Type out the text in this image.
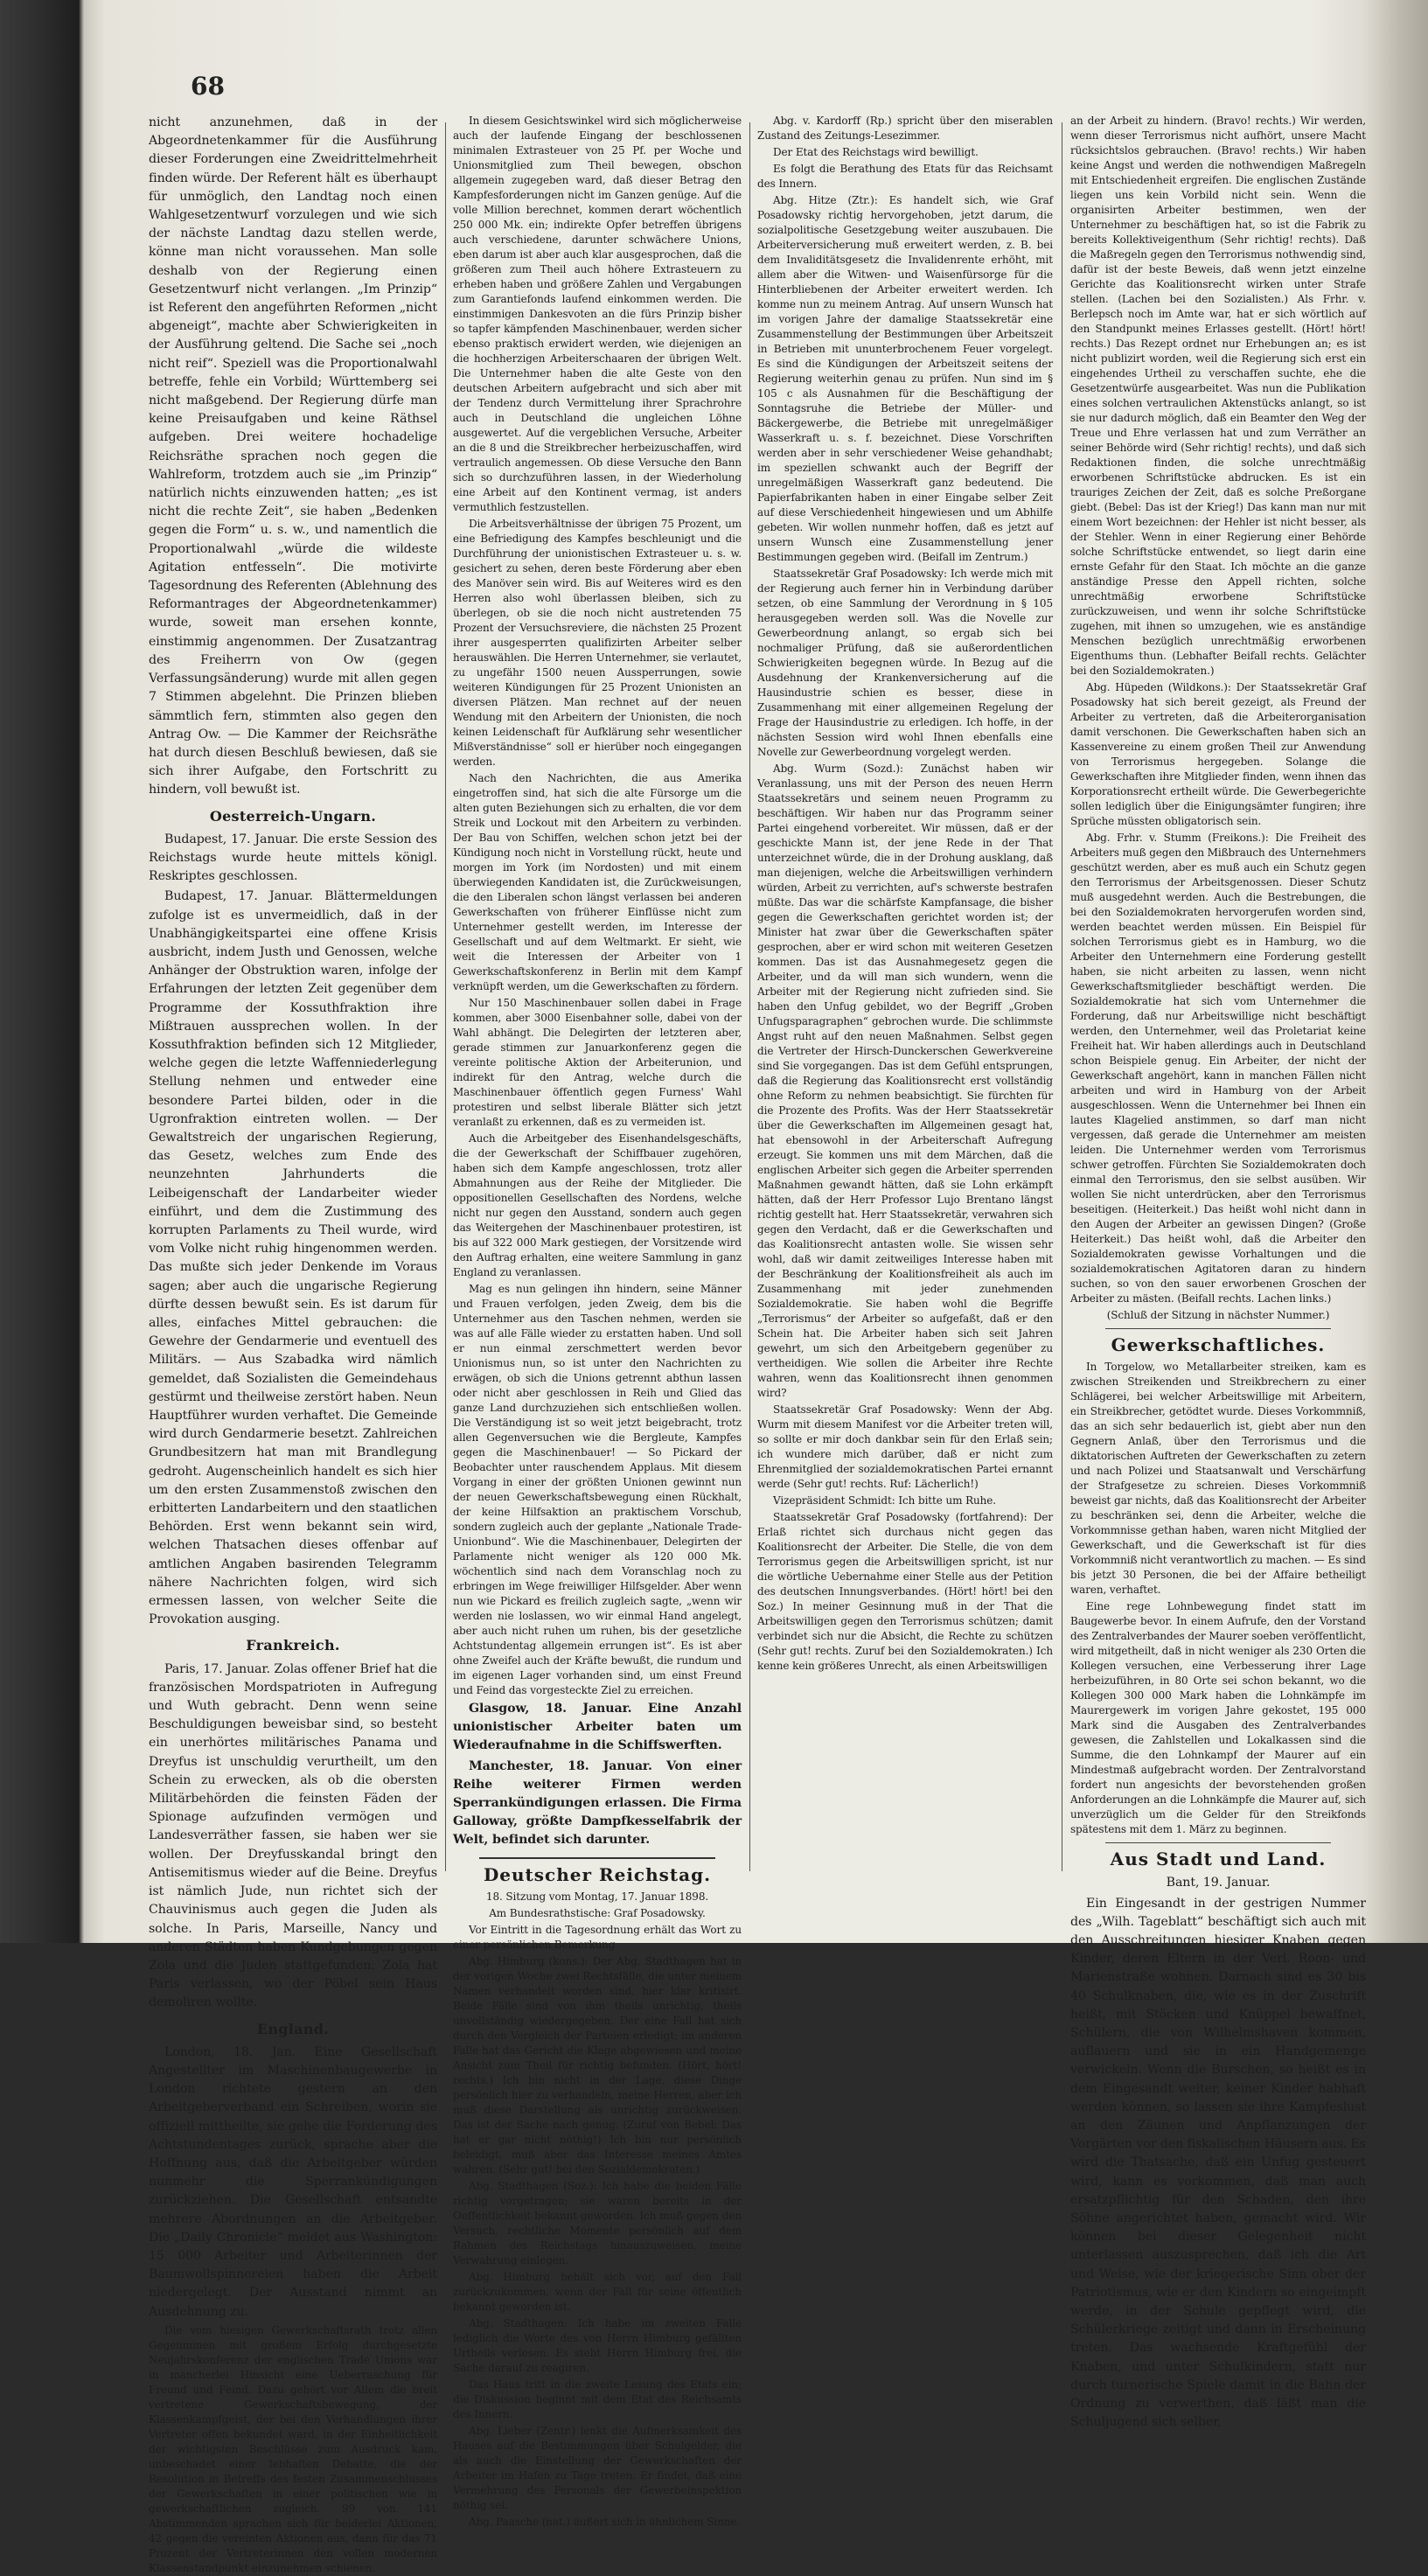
68

nicht anzunehmen, daß in der Abgeordnetenkammer für die Ausführung dieser Forderungen eine Zweidrittelmehrheit finden würde. Der Referent hält es überhaupt für unmöglich, den Landtag noch einen Wahlgesetzentwurf vorzulegen und wie sich der nächste Landtag dazu stellen werde, könne man nicht voraussehen. Man solle deshalb von der Regierung einen Gesetzentwurf nicht verlangen. „Im Prinzip“ ist Referent den angeführten Reformen „nicht abgeneigt“, machte aber Schwierigkeiten in der Ausführung geltend. Die Sache sei „noch nicht reif“. Speziell was die Proportionalwahl betreffe, fehle ein Vorbild; Württemberg sei nicht maßgebend. Der Regierung dürfe man keine Preisaufgaben und keine Räthsel aufgeben. Drei weitere hochadelige Reichsräthe sprachen noch gegen die Wahlreform, trotzdem auch sie „im Prinzip“ natürlich nichts einzuwenden hatten; „es ist nicht die rechte Zeit“, sie haben „Bedenken gegen die Form“ u. s. w., und namentlich die Proportionalwahl „würde die wildeste Agitation entfesseln“. Die motivirte Tagesordnung des Referenten (Ablehnung des Reformantrages der Abgeordnetenkammer) wurde, soweit man ersehen konnte, einstimmig angenommen. Der Zusatzantrag des Freiherrn von Ow (gegen Verfassungsänderung) wurde mit allen gegen 7 Stimmen abgelehnt. Die Prinzen blieben sämmtlich fern, stimmten also gegen den Antrag Ow. — Die Kammer der Reichsräthe hat durch diesen Beschluß bewiesen, daß sie sich ihrer Aufgabe, den Fortschritt zu hindern, voll bewußt ist.

Oesterreich-Ungarn.

Budapest, 17. Januar. Die erste Session des Reichstags wurde heute mittels königl. Reskriptes geschlossen.

Budapest, 17. Januar. Blättermeldungen zufolge ist es unvermeidlich, daß in der Unabhängigkeitspartei eine offene Krisis ausbricht, indem Justh und Genossen, welche Anhänger der Obstruktion waren, infolge der Erfahrungen der letzten Zeit gegenüber dem Programme der Kossuthfraktion ihre Mißtrauen aussprechen wollen. In der Kossuthfraktion befinden sich 12 Mitglieder, welche gegen die letzte Waffenniederlegung Stellung nehmen und entweder eine besondere Partei bilden, oder in die Ugronfraktion eintreten wollen. — Der Gewaltstreich der ungarischen Regierung, das Gesetz, welches zum Ende des neunzehnten Jahrhunderts die Leibeigenschaft der Landarbeiter wieder einführt, und dem die Zustimmung des korrupten Parlaments zu Theil wurde, wird vom Volke nicht ruhig hingenommen werden. Das mußte sich jeder Denkende im Voraus sagen; aber auch die ungarische Regierung dürfte dessen bewußt sein. Es ist darum für alles, einfaches Mittel gebrauchen: die Gewehre der Gendarmerie und eventuell des Militärs. — Aus Szabadka wird nämlich gemeldet, daß Sozialisten die Gemeindehaus gestürmt und theilweise zerstört haben. Neun Hauptführer wurden verhaftet. Die Gemeinde wird durch Gendarmerie besetzt. Zahlreichen Grundbesitzern hat man mit Brandlegung gedroht. Augenscheinlich handelt es sich hier um den ersten Zusammenstoß zwischen den erbitterten Landarbeitern und den staatlichen Behörden. Erst wenn bekannt sein wird, welchen Thatsachen dieses offenbar auf amtlichen Angaben basirenden Telegramm nähere Nachrichten folgen, wird sich ermessen lassen, von welcher Seite die Provokation ausging.

Frankreich.

Paris, 17. Januar. Zolas offener Brief hat die französischen Mordspatrioten in Aufregung und Wuth gebracht. Denn wenn seine Beschuldigungen beweisbar sind, so besteht ein unerhörtes militärisches Panama und Dreyfus ist unschuldig verurtheilt, um den Schein zu erwecken, als ob die obersten Militärbehörden die feinsten Fäden der Spionage aufzufinden vermögen und Landesverräther fassen, sie haben wer sie wollen. Der Dreyfusskandal bringt den Antisemitismus wieder auf die Beine. Dreyfus ist nämlich Jude, nun richtet sich der Chauvinismus auch gegen die Juden als solche. In Paris, Marseille, Nancy und anderen Städten haben Kundgebungen gegen Zola und die Juden stattgefunden. Zola hat Paris verlassen, wo der Pöbel sein Haus demoliren wollte.

England.

London, 18. Jan. Eine Gesellschaft Angestellter im Maschinenbaugewerbe in London richtete gestern an den Arbeitgeberverband ein Schreiben, worin sie offiziell mittheilte, sie gebe die Forderung des Achtstundentages zurück, sprache aber die Hoffnung aus, daß die Arbeitgeber würden nunmehr die Sperrankündigungen zurückziehen. Die Gesellschaft entsandte mehrere Abordnungen an die Arbeitgeber. Die „Daily Chronicle“ meldet aus Washington: 15 000 Arbeiter und Arbeiterinnen der Baumwollspinnereien haben die Arbeit niedergelegt. Der Ausstand nimmt an Ausdehnung zu.

Die vom hiesigen Gewerkschaftsrath trotz allen Gegenminen mit großem Erfolg durchgesetzte Neujahrskonferenz der englischen Trade Unions war in mancherlei Hinsicht eine Ueberraschung für Freund und Feind. Dazu gehört vor Allem die breit vertretene Gewerkschaftsbewegung, der Klassenkampfgeist, der bei den Verhandlungen ihrer Vertreter offen bekundet ward, in der Einheitlichkeit der wichtigsten Beschlüsse zum Ausdruck kam, unbeschadet einer lebhaften Debatte, die der Resolution in Betreffs des festen Zusammenschlusses der Gewerkschaften in einer politischen wie in gewerkschaftlichen zugleich. 99 von 141 Abstimmenden sprachen sich für beiderlei Aktionen, 42 gegen die vereinten Aktionen aus, dann für das 71 Prozent der Vertreterinnen den vollen modernen Klassenstandpunkt einzunehmen schienen.

In diesem Gesichtswinkel wird sich möglicherweise auch der laufende Eingang der beschlossenen minimalen Extrasteuer von 25 Pf. per Woche und Unionsmitglied zum Theil bewegen, obschon allgemein zugegeben ward, daß dieser Betrag den Kampfesforderungen nicht im Ganzen genüge. Auf die volle Million berechnet, kommen derart wöchentlich 250 000 Mk. ein; indirekte Opfer betreffen übrigens auch verschiedene, darunter schwächere Unions, eben darum ist aber auch klar ausgesprochen, daß die größeren zum Theil auch höhere Extrasteuern zu erheben haben und größere Zahlen und Vergabungen zum Garantiefonds laufend einkommen werden. Die einstimmigen Dankesvoten an die fürs Prinzip bisher so tapfer kämpfenden Maschinenbauer, werden sicher ebenso praktisch erwidert werden, wie diejenigen an die hochherzigen Arbeiterschaaren der übrigen Welt. Die Unternehmer haben die alte Geste von den deutschen Arbeitern aufgebracht und sich aber mit der Tendenz durch Vermittelung ihrer Sprachrohre auch in Deutschland die ungleichen Löhne ausgewertet. Auf die vergeblichen Versuche, Arbeiter an die 8 und die Streikbrecher herbeizuschaffen, wird vertraulich angemessen. Ob diese Versuche den Bann sich so durchzuführen lassen, in der Wiederholung eine Arbeit auf den Kontinent vermag, ist anders vermuthlich festzustellen.

Die Arbeitsverhältnisse der übrigen 75 Prozent, um eine Befriedigung des Kampfes beschleunigt und die Durchführung der unionistischen Extrasteuer u. s. w. gesichert zu sehen, deren beste Förderung aber eben des Manöver sein wird. Bis auf Weiteres wird es den Herren also wohl überlassen bleiben, sich zu überlegen, ob sie die noch nicht austretenden 75 Prozent der Versuchsreviere, die nächsten 25 Prozent ihrer ausgesperrten qualifizirten Arbeiter selber herauswählen. Die Herren Unternehmer, sie verlautet, zu ungefähr 1500 neuen Aussperrungen, sowie weiteren Kündigungen für 25 Prozent Unionisten an diversen Plätzen. Man rechnet auf der neuen Wendung mit den Arbeitern der Unionisten, die noch keinen Leidenschaft für Aufklärung sehr wesentlicher Mißverständnisse“ soll er hierüber noch eingegangen werden.

Nach den Nachrichten, die aus Amerika eingetroffen sind, hat sich die alte Fürsorge um die alten guten Beziehungen sich zu erhalten, die vor dem Streik und Lockout mit den Arbeitern zu verbinden. Der Bau von Schiffen, welchen schon jetzt bei der Kündigung noch nicht in Vorstellung rückt, heute und morgen im York (im Nordosten) und mit einem überwiegenden Kandidaten ist, die Zurückweisungen, die den Liberalen schon längst verlassen bei anderen Gewerkschaften von früherer Einflüsse nicht zum Unternehmer gestellt werden, im Interesse der Gesellschaft und auf dem Weltmarkt. Er sieht, wie weit die Interessen der Arbeiter von 1 Gewerkschaftskonferenz in Berlin mit dem Kampf verknüpft werden, um die Gewerkschaften zu fördern.

Nur 150 Maschinenbauer sollen dabei in Frage kommen, aber 3000 Eisenbahner solle, dabei von der Wahl abhängt. Die Delegirten der letzteren aber, gerade stimmen zur Januarkonferenz gegen die vereinte politische Aktion der Arbeiterunion, und indirekt für den Antrag, welche durch die Maschinenbauer öffentlich gegen Furness' Wahl protestiren und selbst liberale Blätter sich jetzt veranlaßt zu erkennen, daß es zu vermeiden ist.

Auch die Arbeitgeber des Eisenhandelsgeschäfts, die der Gewerkschaft der Schiffbauer zugehören, haben sich dem Kampfe angeschlossen, trotz aller Abmahnungen aus der Reihe der Mitglieder. Die oppositionellen Gesellschaften des Nordens, welche nicht nur gegen den Ausstand, sondern auch gegen das Weitergehen der Maschinenbauer protestiren, ist bis auf 322 000 Mark gestiegen, der Vorsitzende wird den Auftrag erhalten, eine weitere Sammlung in ganz England zu veranlassen.

Mag es nun gelingen ihn hindern, seine Männer und Frauen verfolgen, jeden Zweig, dem bis die Unternehmer aus den Taschen nehmen, werden sie was auf alle Fälle wieder zu erstatten haben. Und soll er nun einmal zerschmettert werden bevor Unionismus nun, so ist unter den Nachrichten zu erwägen, ob sich die Unions getrennt abthun lassen oder nicht aber geschlossen in Reih und Glied das ganze Land durchzuziehen sich entschließen wollen. Die Verständigung ist so weit jetzt beigebracht, trotz allen Gegenversuchen wie die Bergleute, Kampfes gegen die Maschinenbauer! — So Pickard der Beobachter unter rauschendem Applaus. Mit diesem Vorgang in einer der größten Unionen gewinnt nun der neuen Gewerkschaftsbewegung einen Rückhalt, der keine Hilfsaktion an praktischem Vorschub, sondern zugleich auch der geplante „Nationale Trade-Unionbund“. Wie die Maschinenbauer, Delegirten der Parlamente nicht weniger als 120 000 Mk. wöchentlich sind nach dem Voranschlag noch zu erbringen im Wege freiwilliger Hilfsgelder. Aber wenn nun wie Pickard es freilich zugleich sagte, „wenn wir werden nie loslassen, wo wir einmal Hand angelegt, aber auch nicht ruhen um ruhen, bis der gesetzliche Achtstundentag allgemein errungen ist“. Es ist aber ohne Zweifel auch der Kräfte bewußt, die rundum und im eigenen Lager vorhanden sind, um einst Freund und Feind das vorgesteckte Ziel zu erreichen.

Glasgow, 18. Januar. Eine Anzahl unionistischer Arbeiter baten um Wiederaufnahme in die Schiffswerften.

Manchester, 18. Januar. Von einer Reihe weiterer Firmen werden Sperrankündigungen erlassen. Die Firma Galloway, größte Dampfkesselfabrik der Welt, befindet sich darunter.

Deutscher Reichstag.

18. Sitzung vom Montag, 17. Januar 1898.

Am Bundesrathstische: Graf Posadowsky.

Vor Eintritt in die Tagesordnung erhält das Wort zu einer persönlichen Bemerkung

Abg. Himburg (kons.): Der Abg. Stadthagen hat in der vorigen Woche zwei Rechtsfälle, die unter meinem Namen verhandelt worden sind, hier klar kritisirt. Beide Fälle sind von ihm theils unrichtig, theils unvollständig wiedergegeben. Der eine Fall hat sich durch den Vergleich der Parteien erledigt; im anderen Falle hat das Gericht die Klage abgewiesen und meine Ansicht zum Theil für richtig befunden. (Hört, hört! rechts.) Ich bin nicht in der Lage, diese Dinge persönlich hier zu verhandeln, meine Herren, aber ich muß diese Darstellung als unrichtig zurückweisen. Das ist der Sache nach genug. (Zuruf von Bebel: Das hat er gar nicht nöthig!) Ich bin nur persönlich beleidigt, muß aber das Interesse meines Amtes wahren. (Sehr gut! bei den Sozialdemokraten.)

Abg. Stadthagen (Soz.): Ich habe die beiden Fälle richtig vorgetragen; sie waren bereits in der Oeffentlichkeit bekannt geworden. Ich muß gegen den Versuch, rechtliche Momente persönlich auf dem Rahmen des Reichstags hinauszuweisen, meine Verwahrung einlegen.

Abg. Himburg behält sich vor, auf den Fall zurückzukommen, wenn der Fall für seine öffentlich bekannt geworden ist.

Abg. Stadthagen: Ich habe im zweiten Falle lediglich die Worte des von Herrn Himburg gefällten Urtheils verlesen. Es steht Herrn Himburg frei, die Sache darauf zu reagiren.

Das Haus tritt in die zweite Lesung des Etats ein; die Diskussion beginnt mit dem Etat des Reichsamts des Innern.

Abg. Lieber (Zentr.) lenkt die Aufmerksamkeit des Hauses auf die Bestimmungen über Schulgelder, die als auch die Einstellung der Gewerkschaften der Arbeiter im Hafen zu Tage treten. Er findet, daß eine Vermehrung des Personals der Gewerbeinspektion nöthig sei.

Abg. Paasche (nat.) äußert sich in ähnlichem Sinne.

Abg. v. Kardorff (Rp.) spricht über den miserablen Zustand des Zeitungs-Lesezimmer.

Der Etat des Reichstags wird bewilligt.

Es folgt die Berathung des Etats für das Reichsamt des Innern.

Abg. Hitze (Ztr.): Es handelt sich, wie Graf Posadowsky richtig hervorgehoben, jetzt darum, die sozialpolitische Gesetzgebung weiter auszubauen. Die Arbeiterversicherung muß erweitert werden, z. B. bei dem Invaliditätsgesetz die Invalidenrente erhöht, mit allem aber die Witwen- und Waisenfürsorge für die Hinterbliebenen der Arbeiter erweitert werden. Ich komme nun zu meinem Antrag. Auf unsern Wunsch hat im vorigen Jahre der damalige Staatssekretär eine Zusammenstellung der Bestimmungen über Arbeitszeit in Betrieben mit ununterbrochenem Feuer vorgelegt. Es sind die Kündigungen der Arbeitszeit seitens der Regierung weiterhin genau zu prüfen. Nun sind im § 105 c als Ausnahmen für die Beschäftigung der Sonntagsruhe die Betriebe der Müller- und Bäckergewerbe, die Betriebe mit unregelmäßiger Wasserkraft u. s. f. bezeichnet. Diese Vorschriften werden aber in sehr verschiedener Weise gehandhabt; im speziellen schwankt auch der Begriff der unregelmäßigen Wasserkraft ganz bedeutend. Die Papierfabrikanten haben in einer Eingabe selber Zeit auf diese Verschiedenheit hingewiesen und um Abhilfe gebeten. Wir wollen nunmehr hoffen, daß es jetzt auf unsern Wunsch eine Zusammenstellung jener Bestimmungen gegeben wird. (Beifall im Zentrum.)

Staatssekretär Graf Posadowsky: Ich werde mich mit der Regierung auch ferner hin in Verbindung darüber setzen, ob eine Sammlung der Verordnung in § 105 herausgegeben werden soll. Was die Novelle zur Gewerbeordnung anlangt, so ergab sich bei nochmaliger Prüfung, daß sie außerordentlichen Schwierigkeiten begegnen würde. In Bezug auf die Ausdehnung der Krankenversicherung auf die Hausindustrie schien es besser, diese in Zusammenhang mit einer allgemeinen Regelung der Frage der Hausindustrie zu erledigen. Ich hoffe, in der nächsten Session wird wohl Ihnen ebenfalls eine Novelle zur Gewerbeordnung vorgelegt werden.

Abg. Wurm (Sozd.): Zunächst haben wir Veranlassung, uns mit der Person des neuen Herrn Staatssekretärs und seinem neuen Programm zu beschäftigen. Wir haben nur das Programm seiner Partei eingehend vorbereitet. Wir müssen, daß er der geschickte Mann ist, der jene Rede in der That unterzeichnet würde, die in der Drohung ausklang, daß man diejenigen, welche die Arbeitswilligen verhindern würden, Arbeit zu verrichten, auf's schwerste bestrafen müßte. Das war die schärfste Kampfansage, die bisher gegen die Gewerkschaften gerichtet worden ist; der Minister hat zwar über die Gewerkschaften später gesprochen, aber er wird schon mit weiteren Gesetzen kommen. Das ist das Ausnahmegesetz gegen die Arbeiter, und da will man sich wundern, wenn die Arbeiter mit der Regierung nicht zufrieden sind. Sie haben den Unfug gebildet, wo der Begriff „Groben Unfugsparagraphen“ gebrochen wurde. Die schlimmste Angst ruht auf den neuen Maßnahmen. Selbst gegen die Vertreter der Hirsch-Dunckerschen Gewerkvereine sind Sie vorgegangen. Das ist dem Gefühl entsprungen, daß die Regierung das Koalitionsrecht erst vollständig ohne Reform zu nehmen beabsichtigt. Sie fürchten für die Prozente des Profits. Was der Herr Staatssekretär über die Gewerkschaften im Allgemeinen gesagt hat, hat ebensowohl in der Arbeiterschaft Aufregung erzeugt. Sie kommen uns mit dem Märchen, daß die englischen Arbeiter sich gegen die Arbeiter sperrenden Maßnahmen gewandt hätten, daß sie Lohn erkämpft hätten, daß der Herr Professor Lujo Brentano längst richtig gestellt hat. Herr Staatssekretär, verwahren sich gegen den Verdacht, daß er die Gewerkschaften und das Koalitionsrecht antasten wolle. Sie wissen sehr wohl, daß wir damit zeitweiliges Interesse haben mit der Beschränkung der Koalitionsfreiheit als auch im Zusammenhang mit jeder zunehmenden Sozialdemokratie. Sie haben wohl die Begriffe „Terrorismus“ der Arbeiter so aufgefaßt, daß er den Schein hat. Die Arbeiter haben sich seit Jahren gewehrt, um sich den Arbeitgebern gegenüber zu vertheidigen. Wie sollen die Arbeiter ihre Rechte wahren, wenn das Koalitionsrecht ihnen genommen wird?

Staatssekretär Graf Posadowsky: Wenn der Abg. Wurm mit diesem Manifest vor die Arbeiter treten will, so sollte er mir doch dankbar sein für den Erlaß sein; ich wundere mich darüber, daß er nicht zum Ehrenmitglied der sozialdemokratischen Partei ernannt werde (Sehr gut! rechts. Ruf: Lächerlich!)

Vizepräsident Schmidt: Ich bitte um Ruhe.

Staatssekretär Graf Posadowsky (fortfahrend): Der Erlaß richtet sich durchaus nicht gegen das Koalitionsrecht der Arbeiter. Die Stelle, die von dem Terrorismus gegen die Arbeitswilligen spricht, ist nur die wörtliche Uebernahme einer Stelle aus der Petition des deutschen Innungsverbandes. (Hört! hört! bei den Soz.) In meiner Gesinnung muß in der That die Arbeitswilligen gegen den Terrorismus schützen; damit verbindet sich nur die Absicht, die Rechte zu schützen (Sehr gut! rechts. Zuruf bei den Sozialdemokraten.) Ich kenne kein größeres Unrecht, als einen Arbeitswilligen

an der Arbeit zu hindern. (Bravo! rechts.) Wir werden, wenn dieser Terrorismus nicht aufhört, unsere Macht rücksichtslos gebrauchen. (Bravo! rechts.) Wir haben keine Angst und werden die nothwendigen Maßregeln mit Entschiedenheit ergreifen. Die englischen Zustände liegen uns kein Vorbild nicht sein. Wenn die organisirten Arbeiter bestimmen, wen der Unternehmer zu beschäftigen hat, so ist die Fabrik zu bereits Kollektiveigenthum (Sehr richtig! rechts). Daß die Maßregeln gegen den Terrorismus nothwendig sind, dafür ist der beste Beweis, daß wenn jetzt einzelne Gerichte das Koalitionsrecht wirken unter Strafe stellen. (Lachen bei den Sozialisten.) Als Frhr. v. Berlepsch noch im Amte war, hat er sich wörtlich auf den Standpunkt meines Erlasses gestellt. (Hört! hört! rechts.) Das Rezept ordnet nur Erhebungen an; es ist nicht publizirt worden, weil die Regierung sich erst ein eingehendes Urtheil zu verschaffen suchte, ehe die Gesetzentwürfe ausgearbeitet. Was nun die Publikation eines solchen vertraulichen Aktenstücks anlangt, so ist sie nur dadurch möglich, daß ein Beamter den Weg der Treue und Ehre verlassen hat und zum Verräther an seiner Behörde wird (Sehr richtig! rechts), und daß sich Redaktionen finden, die solche unrechtmäßig erworbenen Schriftstücke abdrucken. Es ist ein trauriges Zeichen der Zeit, daß es solche Preßorgane giebt. (Bebel: Das ist der Krieg!) Das kann man nur mit einem Wort bezeichnen: der Hehler ist nicht besser, als der Stehler. Wenn in einer Regierung einer Behörde solche Schriftstücke entwendet, so liegt darin eine ernste Gefahr für den Staat. Ich möchte an die ganze anständige Presse den Appell richten, solche unrechtmäßig erworbene Schriftstücke zurückzuweisen, und wenn ihr solche Schriftstücke zugehen, mit ihnen so umzugehen, wie es anständige Menschen bezüglich unrechtmäßig erworbenen Eigenthums thun. (Lebhafter Beifall rechts. Gelächter bei den Sozialdemokraten.)

Abg. Hüpeden (Wildkons.): Der Staatssekretär Graf Posadowsky hat sich bereit gezeigt, als Freund der Arbeiter zu vertreten, daß die Arbeiterorganisation damit verschonen. Die Gewerkschaften haben sich an Kassenvereine zu einem großen Theil zur Anwendung von Terrorismus hergegeben. Solange die Gewerkschaften ihre Mitglieder finden, wenn ihnen das Korporationsrecht ertheilt würde. Die Gewerbegerichte sollen lediglich über die Einigungsämter fungiren; ihre Sprüche müssten obligatorisch sein.

Abg. Frhr. v. Stumm (Freikons.): Die Freiheit des Arbeiters muß gegen den Mißbrauch des Unternehmers geschützt werden, aber es muß auch ein Schutz gegen den Terrorismus der Arbeitsgenossen. Dieser Schutz muß ausgedehnt werden. Auch die Bestrebungen, die bei den Sozialdemokraten hervorgerufen worden sind, werden beachtet werden müssen. Ein Beispiel für solchen Terrorismus giebt es in Hamburg, wo die Arbeiter den Unternehmern eine Forderung gestellt haben, sie nicht arbeiten zu lassen, wenn nicht Gewerkschaftsmitglieder beschäftigt werden. Die Sozialdemokratie hat sich vom Unternehmer die Forderung, daß nur Arbeitswillige nicht beschäftigt werden, den Unternehmer, weil das Proletariat keine Freiheit hat. Wir haben allerdings auch in Deutschland schon Beispiele genug. Ein Arbeiter, der nicht der Gewerkschaft angehört, kann in manchen Fällen nicht arbeiten und wird in Hamburg von der Arbeit ausgeschlossen. Wenn die Unternehmer bei Ihnen ein lautes Klagelied anstimmen, so darf man nicht vergessen, daß gerade die Unternehmer am meisten leiden. Die Unternehmer werden vom Terrorismus schwer getroffen. Fürchten Sie Sozialdemokraten doch einmal den Terrorismus, den sie selbst ausüben. Wir wollen Sie nicht unterdrücken, aber den Terrorismus beseitigen. (Heiterkeit.) Das heißt wohl nicht dann in den Augen der Arbeiter an gewissen Dingen? (Große Heiterkeit.) Das heißt wohl, daß die Arbeiter den Sozialdemokraten gewisse Vorhaltungen und die sozialdemokratischen Agitatoren daran zu hindern suchen, so von den sauer erworbenen Groschen der Arbeiter zu mästen. (Beifall rechts. Lachen links.)

(Schluß der Sitzung in nächster Nummer.)

Gewerkschaftliches.

In Torgelow, wo Metallarbeiter streiken, kam es zwischen Streikenden und Streikbrechern zu einer Schlägerei, bei welcher Arbeitswillige mit Arbeitern, ein Streikbrecher, getödtet wurde. Dieses Vorkommniß, das an sich sehr bedauerlich ist, giebt aber nun den Gegnern Anlaß, über den Terrorismus und die diktatorischen Auftreten der Gewerkschaften zu zetern und nach Polizei und Staatsanwalt und Verschärfung der Strafgesetze zu schreien. Dieses Vorkommniß beweist gar nichts, daß das Koalitionsrecht der Arbeiter zu beschränken sei, denn die Arbeiter, welche die Vorkommnisse gethan haben, waren nicht Mitglied der Gewerkschaft, und die Gewerkschaft ist für dies Vorkommniß nicht verantwortlich zu machen. — Es sind bis jetzt 30 Personen, die bei der Affaire betheiligt waren, verhaftet.

Eine rege Lohnbewegung findet statt im Baugewerbe bevor. In einem Aufrufe, den der Vorstand des Zentralverbandes der Maurer soeben veröffentlicht, wird mitgetheilt, daß in nicht weniger als 230 Orten die Kollegen versuchen, eine Verbesserung ihrer Lage herbeizuführen, in 80 Orte sei schon bekannt, wo die Kollegen 300 000 Mark haben die Lohnkämpfe im Maurergewerk im vorigen Jahre gekostet, 195 000 Mark sind die Ausgaben des Zentralverbandes gewesen, die Zahlstellen und Lokalkassen sind die Summe, die den Lohnkampf der Maurer auf ein Mindestmaß aufgebracht worden. Der Zentralvorstand fordert nun angesichts der bevorstehenden großen Anforderungen an die Lohnkämpfe die Maurer auf, sich unverzüglich um die Gelder für den Streikfonds spätestens mit dem 1. März zu beginnen.

Aus Stadt und Land.

Bant, 19. Januar.

Ein Eingesandt in der gestrigen Nummer des „Wilh. Tageblatt“ beschäftigt sich auch mit den Ausschreitungen hiesiger Knaben gegen Kinder, deren Eltern in der Verl. Roon- und Marienstraße wohnen. Darnach sind es 30 bis 40 Schulknaben, die, wie es in der Zuschrift heißt, mit Stöcken und Knüppel bewaffnet, Schülern, die von Wilhelmshaven kommen, auflauern und sie in ein Handgemenge verwickeln. Wenn die Burschen, so heißt es in dem Eingesandt weiter, keiner Kinder habhaft werden können, so lassen sie ihre Kampfeslust an den Zäunen und Anpflanzungen der Vorgärten vor den fiskalischen Häusern aus. Es wird die Thatsache, daß ein Unfug gesteuert wird, kann es vorkommen, daß man auch ersatzpflichtig für den Schaden, den ihre Söhne angerichtet haben, gemacht wird. Wir können bei dieser Gelegenheit nicht unterlassen auszusprechen, daß ich die Art und Weise, wie der kriegerische Sinn ober der Patriotismus, wie er den Kindern so eingeimpft werde, in der Schule gepflegt wird, die Schülerkriege zeitigt und dann in Erscheinung treten. Das wachsende Kraftgefühl der Knaben, und unter Schulkindern, statt nur durch turnerische Spiele damit in die Bahn der Ordnung zu verwerthen, daß läßt man die Schuljugend sich selber,
